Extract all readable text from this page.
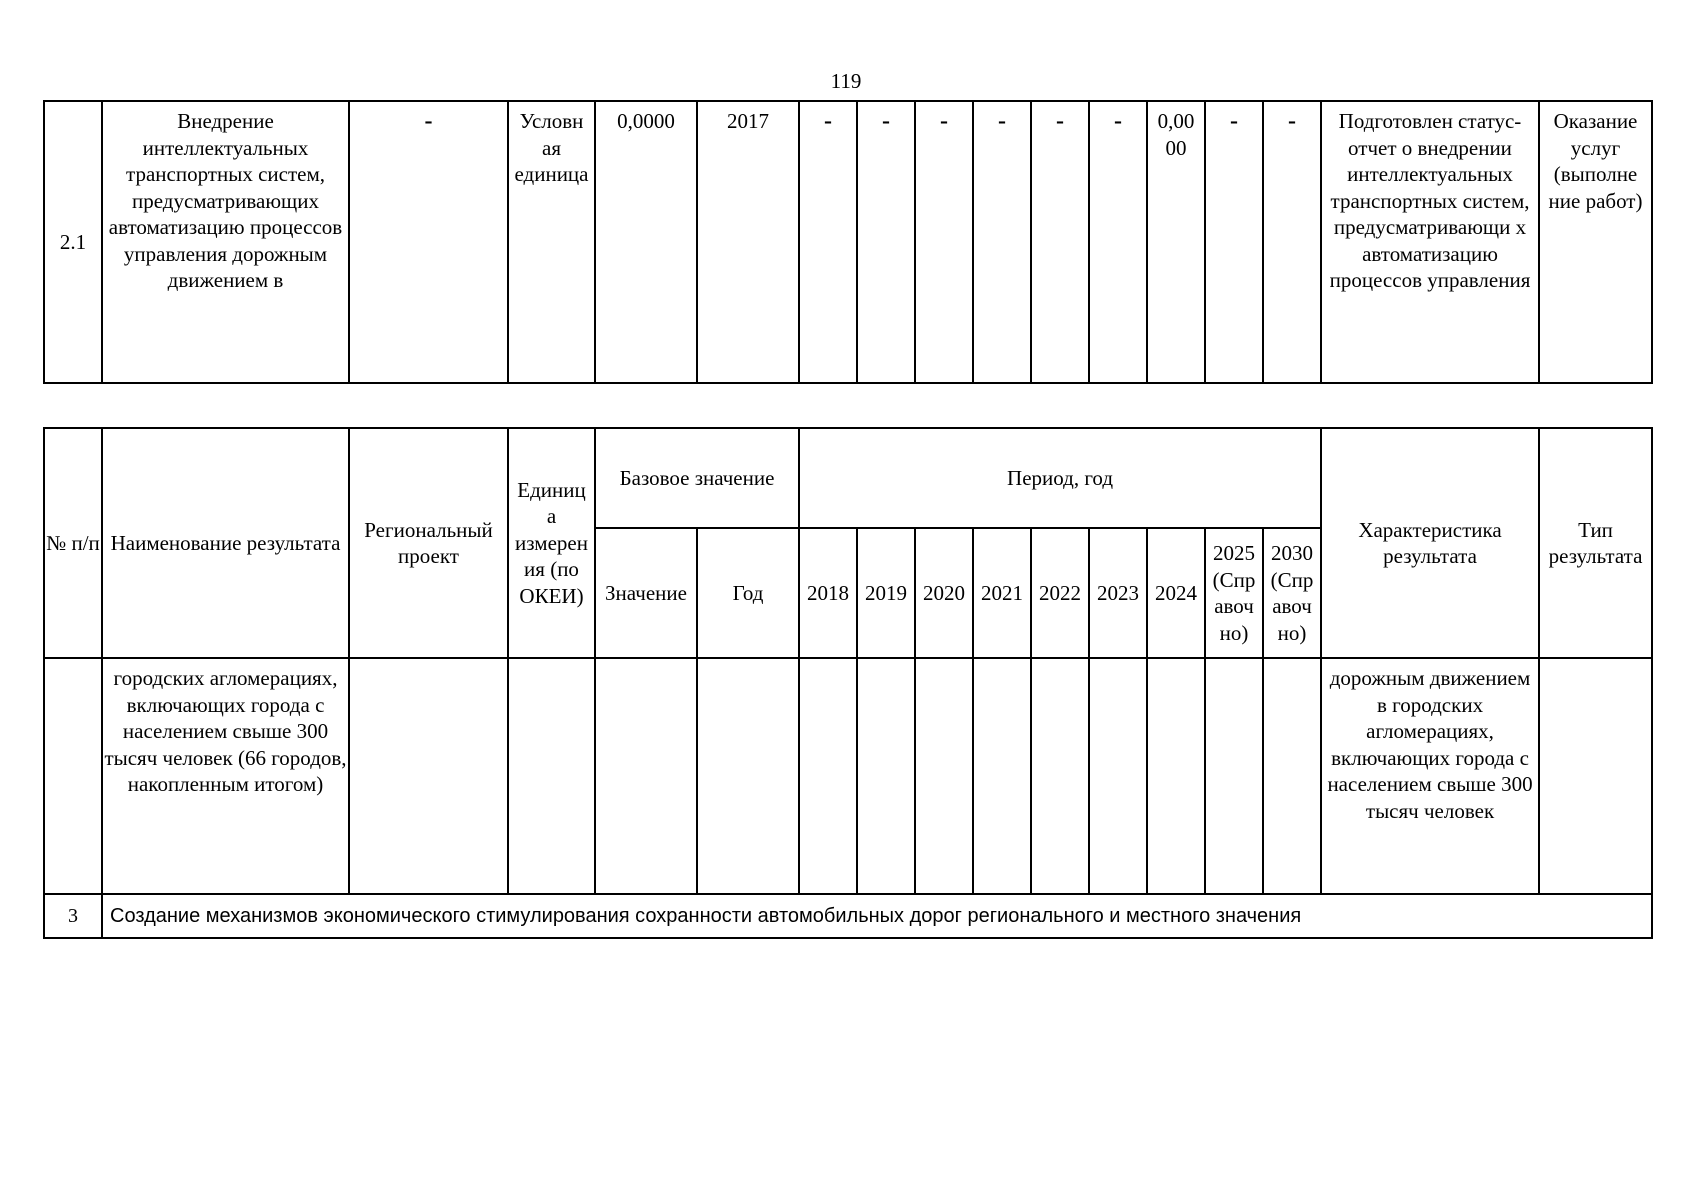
119
2.1	Внедрение интеллектуальных транспортных систем, предусматривающих автоматизацию процессов управления дорожным движением в	-	Условн ая единица	0,0000	2017	-	-	-	-	-	-	0,00 00	-	-	Подготовлен статус-отчет о внедрении интеллектуальных транспортных систем, предусматривающи х автоматизацию процессов управления	Оказание услуг (выполне ние работ)
№ п/п	Наименование результата	Региональный проект	Единиц а измерен ия (по ОКЕИ)	Базовое значение		Период, год									Характеристика результата	Тип результата
				Значение	Год	2018	2019	2020	2021	2022	2023	2024	2025 (Спр авоч но)	2030 (Спр авоч но)		
	городских агломерациях, включающих города с населением свыше 300 тысяч человек (66 городов, накопленным итогом)														дорожным движением в городских агломерациях, включающих города с населением свыше 300 тысяч человек	
3	Создание механизмов экономического стимулирования сохранности автомобильных дорог регионального и местного значения															
